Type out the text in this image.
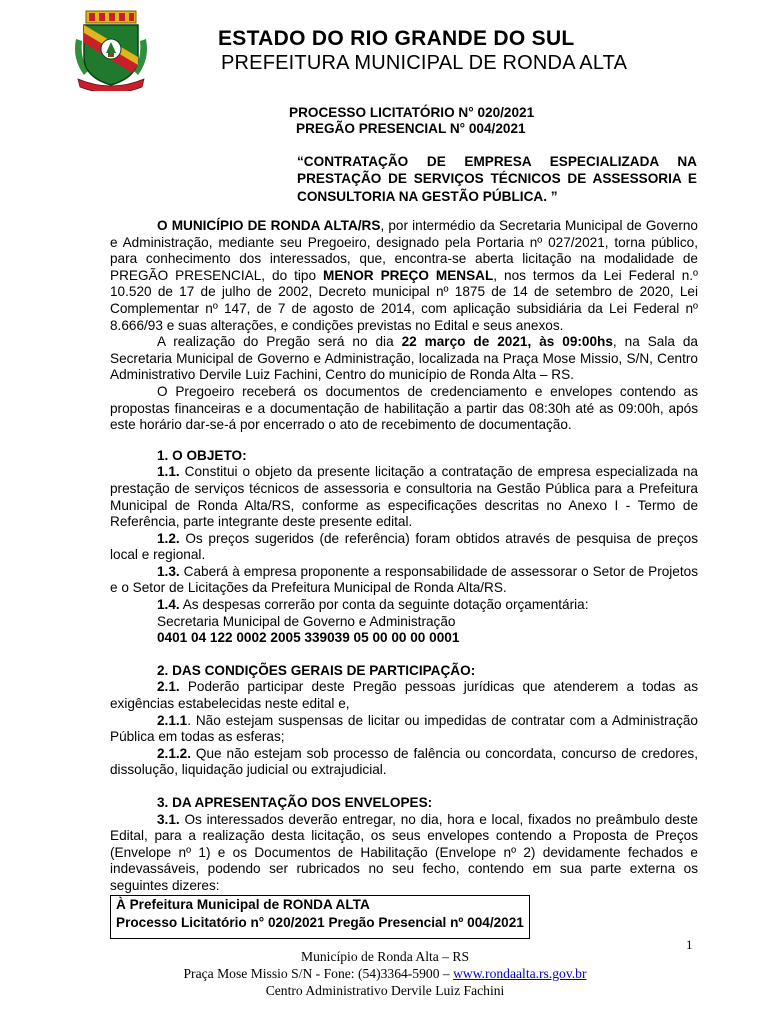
ESTADO DO RIO GRANDE DO SUL
PREFEITURA MUNICIPAL DE RONDA ALTA
PROCESSO LICITATÓRIO N° 020/2021
PREGÃO PRESENCIAL N° 004/2021
“CONTRATAÇÃO DE EMPRESA ESPECIALIZADA NA PRESTAÇÃO DE SERVIÇOS TÉCNICOS DE ASSESSORIA E CONSULTORIA NA GESTÃO PÚBLICA. ”

O MUNICÍPIO DE RONDA ALTA/RS, por intermédio da Secretaria Municipal de Governo e Administração, mediante seu Pregoeiro, designado pela Portaria nº 027/2021, torna público, para conhecimento dos interessados, que, encontra-se aberta licitação na modalidade de PREGÃO PRESENCIAL, do tipo MENOR PREÇO MENSAL, nos termos da Lei Federal n.º 10.520 de 17 de julho de 2002, Decreto municipal nº 1875 de 14 de setembro de 2020, Lei Complementar nº 147, de 7 de agosto de 2014, com aplicação subsidiária da Lei Federal nº 8.666/93 e suas alterações, e condições previstas no Edital e seus anexos.

A realização do Pregão será no dia 22 março de 2021, às 09:00hs, na Sala da Secretaria Municipal de Governo e Administração, localizada na Praça Mose Missio, S/N, Centro Administrativo Dervile Luiz Fachini, Centro do município de Ronda Alta – RS.

O Pregoeiro receberá os documentos de credenciamento e envelopes contendo as propostas financeiras e a documentação de habilitação a partir das 08:30h até as 09:00h, após este horário dar-se-á por encerrado o ato de recebimento de documentação.

1. O OBJETO:

1.1. Constitui o objeto da presente licitação a contratação de empresa especializada na prestação de serviços técnicos de assessoria e consultoria na Gestão Pública para a Prefeitura Municipal de Ronda Alta/RS, conforme as especificações descritas no Anexo I - Termo de Referência, parte integrante deste presente edital.

1.2. Os preços sugeridos (de referência) foram obtidos através de pesquisa de preços local e regional.

1.3. Caberá à empresa proponente a responsabilidade de assessorar o Setor de Projetos e o Setor de Licitações da Prefeitura Municipal de Ronda Alta/RS.

1.4. As despesas correrão por conta da seguinte dotação orçamentária:

Secretaria Municipal de Governo e Administração

0401 04 122 0002 2005 339039 05 00 00 00 0001

2. DAS CONDIÇÕES GERAIS DE PARTICIPAÇÃO:

2.1. Poderão participar deste Pregão pessoas jurídicas que atenderem a todas as exigências estabelecidas neste edital e,

2.1.1. Não estejam suspensas de licitar ou impedidas de contratar com a Administração Pública em todas as esferas;

2.1.2. Que não estejam sob processo de falência ou concordata, concurso de credores, dissolução, liquidação judicial ou extrajudicial.

3. DA APRESENTAÇÃO DOS ENVELOPES:

3.1. Os interessados deverão entregar, no dia, hora e local, fixados no preâmbulo deste Edital, para a realização desta licitação, os seus envelopes contendo a Proposta de Preços (Envelope nº 1) e os Documentos de Habilitação (Envelope nº 2) devidamente fechados e indevassáveis, podendo ser rubricados no seu fecho, contendo em sua parte externa os seguintes dizeres:

À Prefeitura Municipal de RONDA ALTA
Processo Licitatório n° 020/2021 Pregão Presencial nº 004/2021
1
Município de Ronda Alta – RS
Praça Mose Missio S/N - Fone: (54)3364-5900 – www.rondaalta.rs.gov.br
Centro Administrativo Dervile Luiz Fachini
